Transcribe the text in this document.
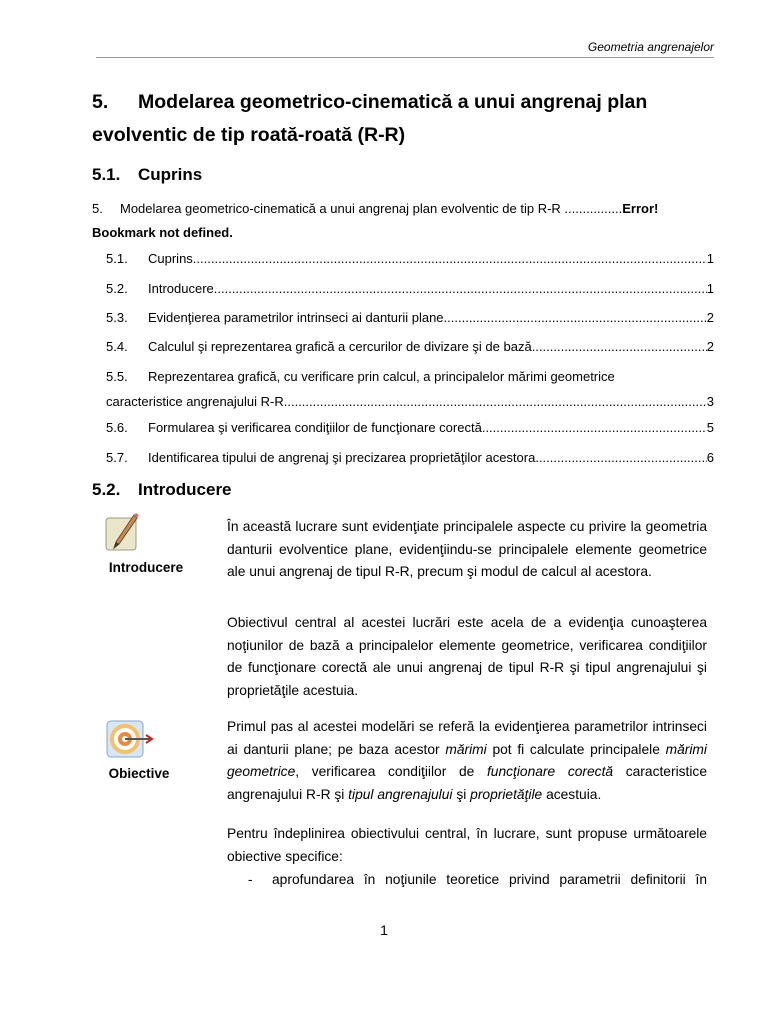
Geometria angrenajelor
5. Modelarea geometrico-cinematică a unui angrenaj plan evolventic de tip roată-roată (R-R)
5.1. Cuprins
5. Modelarea geometrico-cinematică a unui angrenaj plan evolventic de tip R-R ................Error! Bookmark not defined.
5.1.	Cuprins .....	1
5.2.	Introducere .....	1
5.3.	Evidenţierea parametrilor intrinseci ai danturii plane .....	2
5.4.	Calculul şi reprezentarea grafică a cercurilor de divizare şi de bază .....	2
5.5. Reprezentarea grafică, cu verificare prin calcul, a principalelor mărimi geometrice
caracteristice angrenajului R-R .....	3
5.6.	Formularea şi verificarea condiţiilor de funcţionare corectă .....	5
5.7.	Identificarea tipului de angrenaj şi precizarea proprietăţilor acestora .....	6
5.2. Introducere
Introducere

În această lucrare sunt evidenţiate principalele aspecte cu privire la geometria danturii evolventice plane, evidenţiindu-se principalele elemente geometrice ale unui angrenaj de tipul R-R, precum şi modul de calcul al acestora.

Obiectivul central al acestei lucrări este acela de a evidenţia cunoaşterea noţiunilor de bază a principalelor elemente geometrice, verificarea condiţiilor de funcţionare corectă ale unui angrenaj de tipul R-R şi tipul angrenajului şi proprietăţile acestuia.

Obiective

Primul pas al acestei modelări se referă la evidenţierea parametrilor intrinseci ai danturii plane; pe baza acestor mărimi pot fi calculate principalele mărimi geometrice, verificarea condiţiilor de funcţionare corectă caracteristice angrenajului R-R şi tipul angrenajului şi proprietăţile acestuia.

Pentru îndeplinirea obiectivului central, în lucrare, sunt propuse următoarele obiective specifice:

-	aprofundarea în noţiunile teoretice privind parametrii definitorii în
1
